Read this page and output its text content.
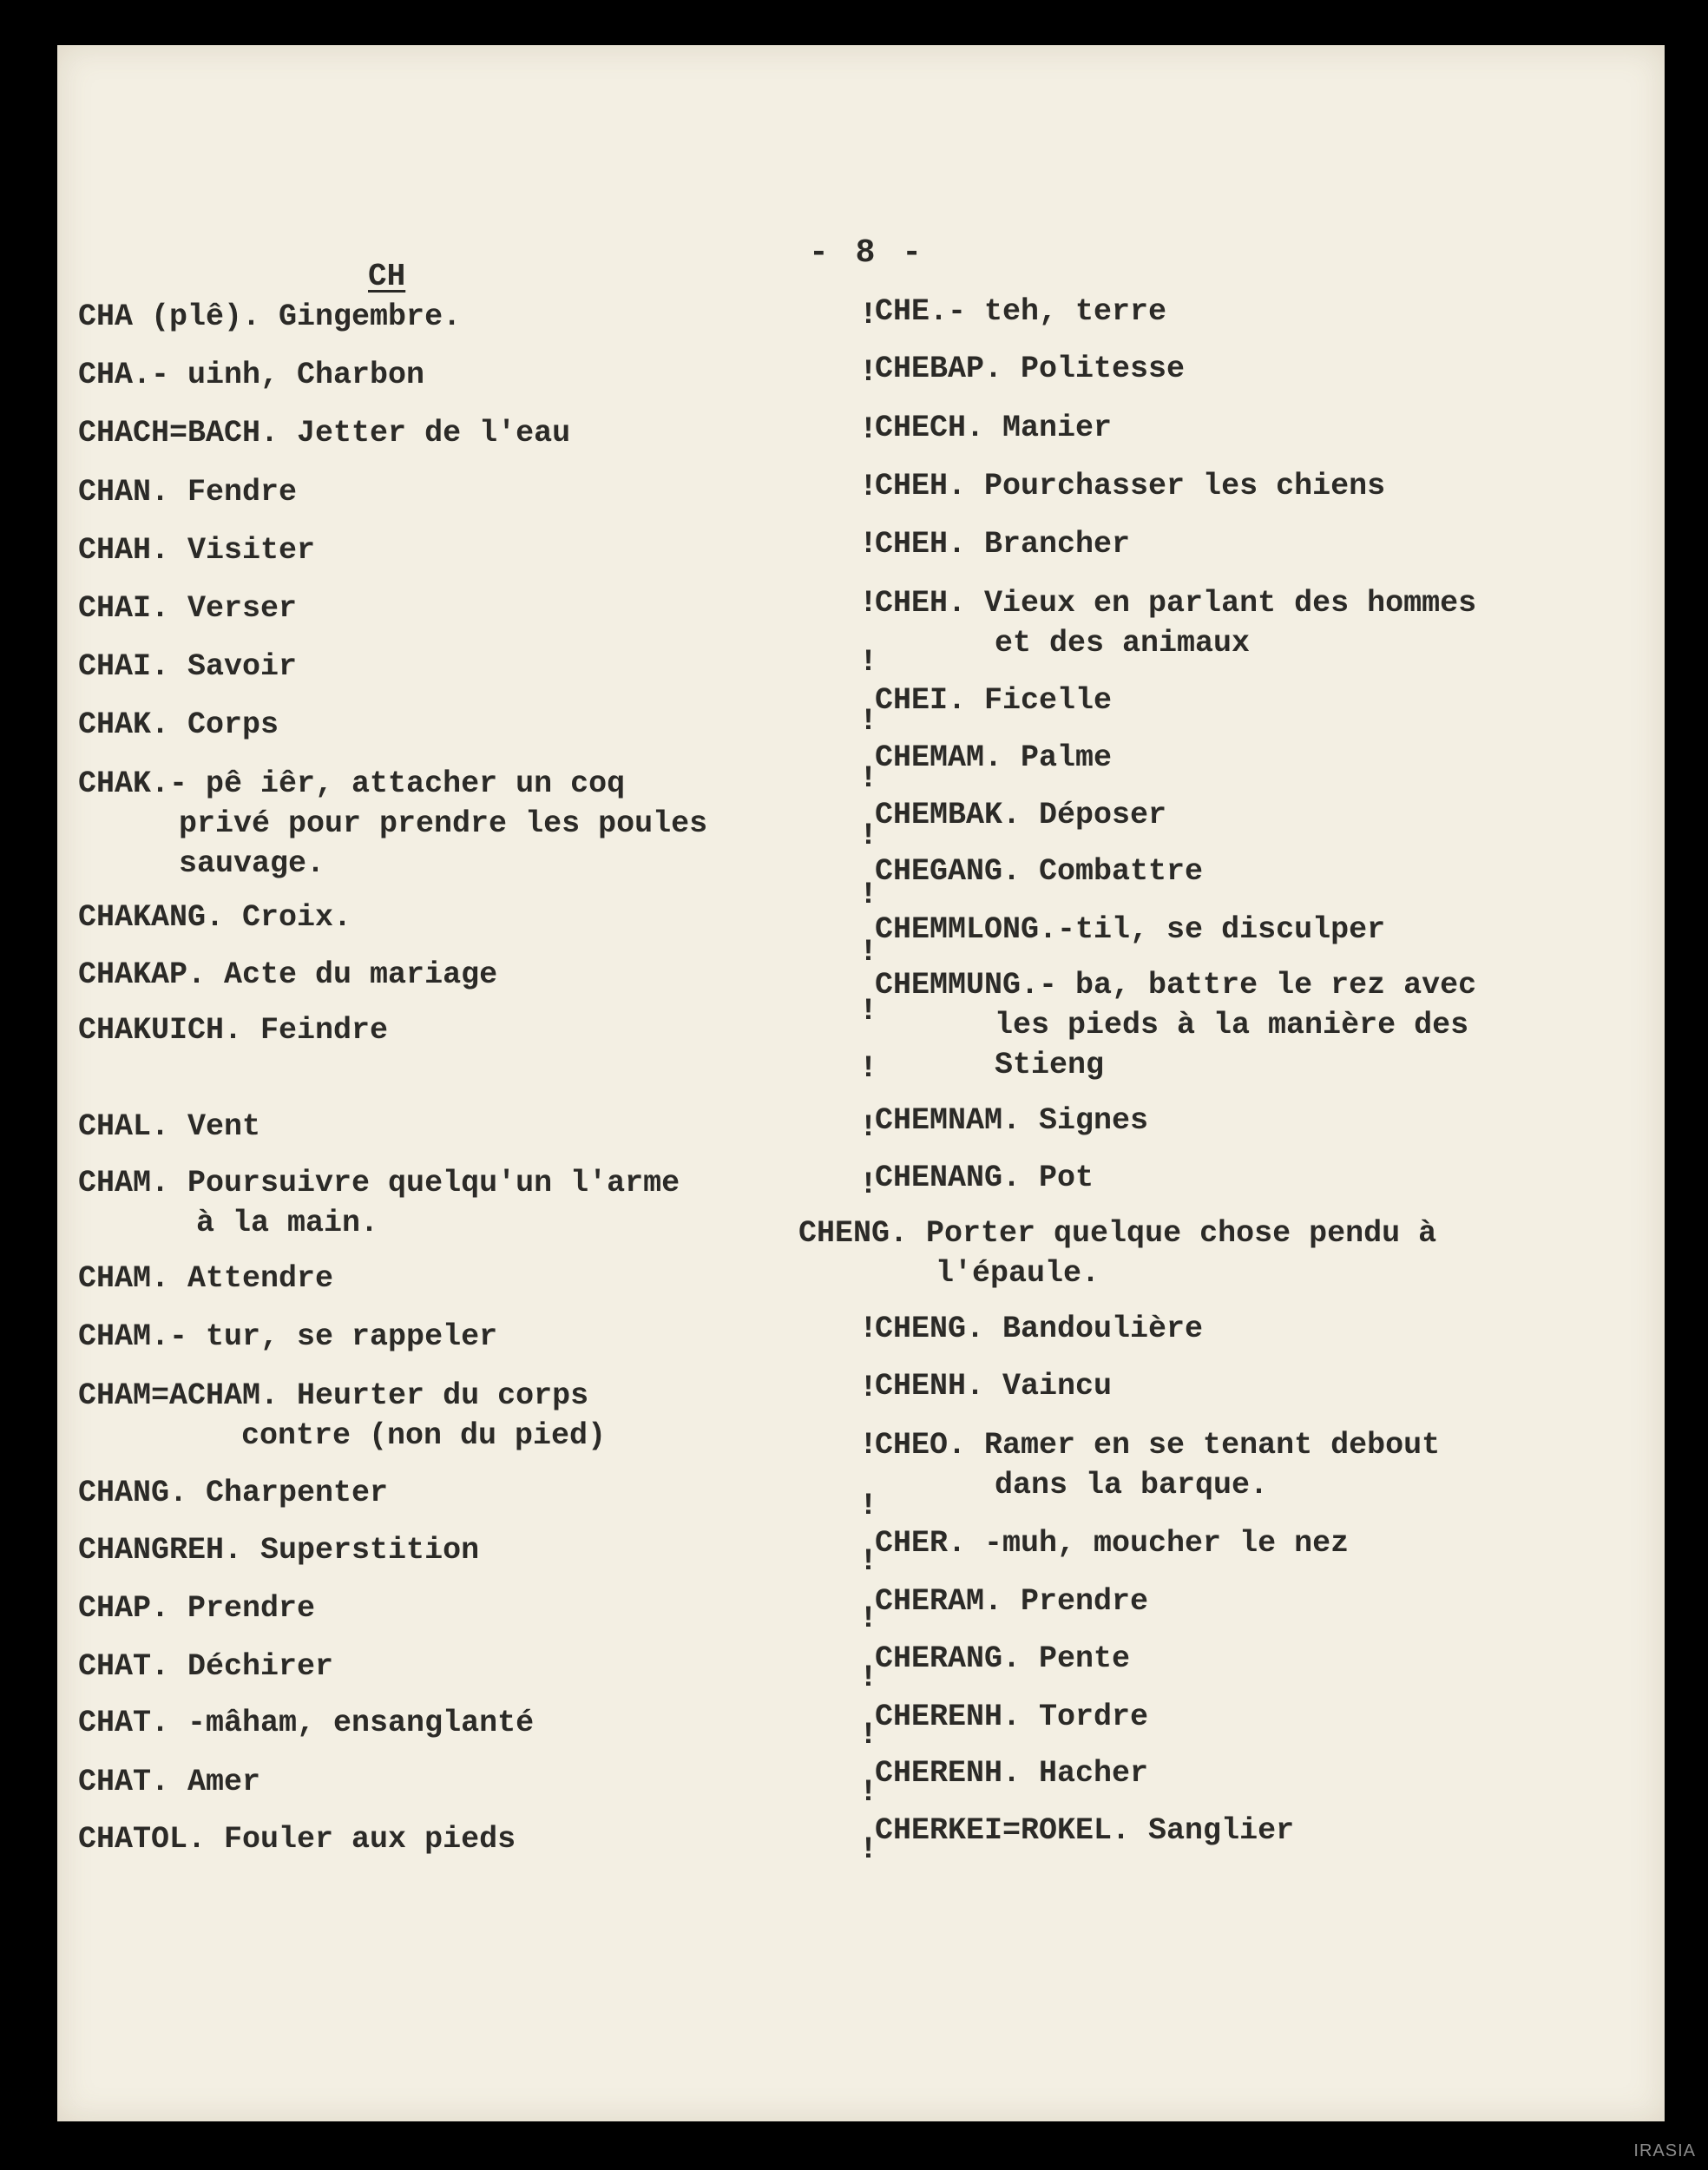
- 8 -
CH
CHA (plê). Gingembre.
CHA.- uinh, Charbon
CHACH=BACH. Jetter de l'eau
CHAN. Fendre
CHAH. Visiter
CHAI. Verser
CHAI. Savoir
CHAK. Corps
CHAK.- pê iêr, attacher un coq
privé pour prendre les poules
sauvage.
CHAKANG. Croix.
CHAKAP. Acte du mariage
CHAKUICH. Feindre
CHAL. Vent
CHAM. Poursuivre quelqu'un l'arme
à la main.
CHAM. Attendre
CHAM.- tur, se rappeler
CHAM=ACHAM. Heurter du corps
contre (non du pied)
CHANG. Charpenter
CHANGREH. Superstition
CHAP. Prendre
CHAT. Déchirer
CHAT. -mâham, ensanglanté
CHAT. Amer
CHATOL. Fouler aux pieds
CHE.- teh, terre
CHEBAP. Politesse
CHECH. Manier
CHEH. Pourchasser les chiens
CHEH. Brancher
CHEH. Vieux en parlant des hommes
et des animaux
CHEI. Ficelle
CHEMAM. Palme
CHEMBAK. Déposer
CHEGANG. Combattre
CHEMMLONG.-til, se disculper
CHEMMUNG.- ba, battre le rez avec
les pieds à la manière des
Stieng
CHEMNAM. Signes
CHENANG. Pot
CHENG. Porter quelque chose pendu à
l'épaule.
CHENG. Bandoulière
CHENH. Vaincu
CHEO. Ramer en se tenant debout
dans la barque.
CHER. -muh, moucher le nez
CHERAM. Prendre
CHERANG. Pente
CHERENH. Tordre
CHERENH. Hacher
CHERKEI=ROKEL. Sanglier
!
!
!
!
!
!
!
!
!
!
!
!
!
!
!
!
!
!
!
!
!
!
!
!
!
!
IRASIA
